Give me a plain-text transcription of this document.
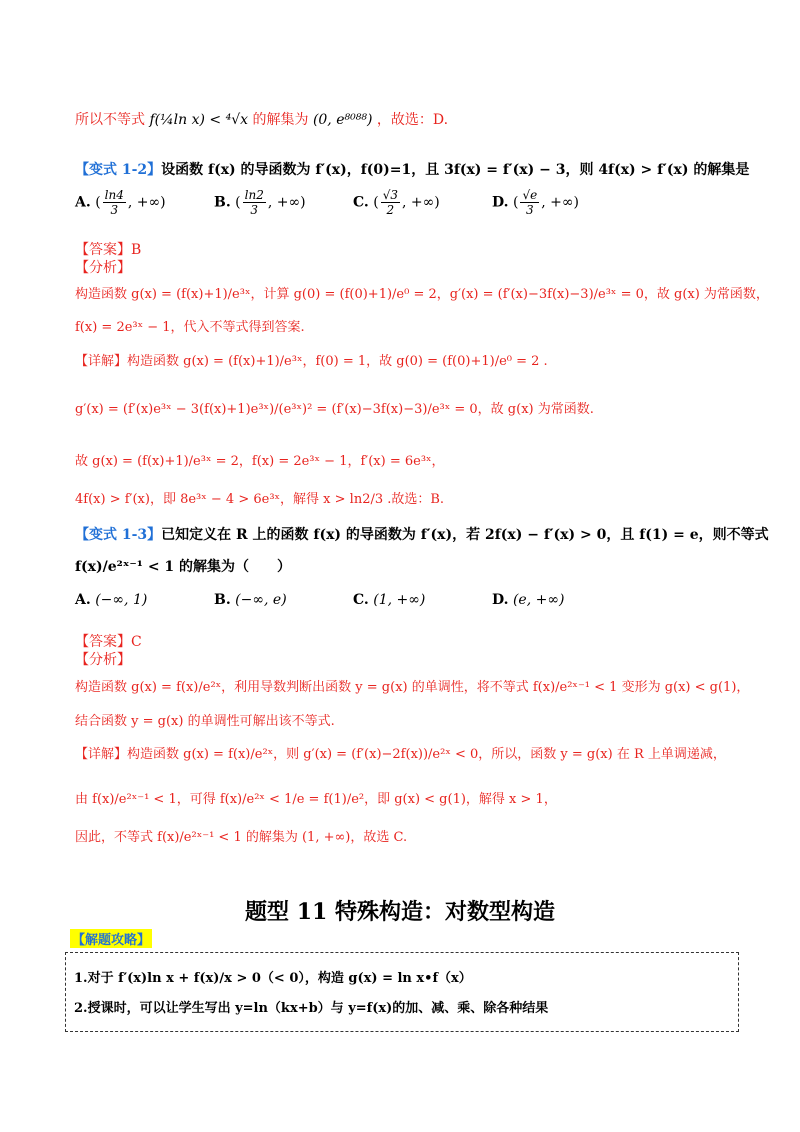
所以不等式 f(¼ln x) < ⁴√x 的解集为 (0, e⁸⁰⁸⁸) ，故选：D.
【变式 1-2】设函数 f(x) 的导函数为 f′(x)，f(0)=1，且 3f(x) = f′(x) − 3，则 4f(x) > f′(x) 的解集是
A. ( $\frac{\ln 4}{3}$ , +∞)	B. ( $\frac{\ln 2}{3}$ , +∞)	C. ( $\frac{√3}{2}$ , +∞)	D. ( $\frac{√e}{3}$ , +∞)
【答案】B
【分析】
构造函数 g(x) = (f(x)+1)/e³ˣ，计算 g(0) = (f(0)+1)/e⁰ = 2，g′(x) = (f′(x)−3f(x)−3)/e³ˣ = 0，故 g(x) 为常函数，
f(x) = 2e³ˣ − 1，代入不等式得到答案.
【详解】构造函数 g(x) = (f(x)+1)/e³ˣ，f(0) = 1，故 g(0) = (f(0)+1)/e⁰ = 2 .
g′(x) = (f′(x)e³ˣ − 3(f(x)+1)e³ˣ)/(e³ˣ)² = (f′(x)−3f(x)−3)/e³ˣ = 0，故 g(x) 为常函数.
故 g(x) = (f(x)+1)/e³ˣ = 2，f(x) = 2e³ˣ − 1，f′(x) = 6e³ˣ，
4f(x) > f′(x)，即 8e³ˣ − 4 > 6e³ˣ，解得 x > ln2/3 .故选：B.
【变式 1-3】已知定义在 R 上的函数 f(x) 的导函数为 f′(x)，若 2f(x) − f′(x) > 0，且 f(1) = e，则不等式
f(x)/e²ˣ⁻¹ < 1 的解集为（　　）
A. (−∞, 1)	B. (−∞, e)	C. (1, +∞)	D. (e, +∞)
【答案】C
【分析】
构造函数 g(x) = f(x)/e²ˣ，利用导数判断出函数 y = g(x) 的单调性，将不等式 f(x)/e²ˣ⁻¹ < 1 变形为 g(x) < g(1)，
结合函数 y = g(x) 的单调性可解出该不等式.
【详解】构造函数 g(x) = f(x)/e²ˣ，则 g′(x) = (f′(x)−2f(x))/e²ˣ < 0，所以，函数 y = g(x) 在 R 上单调递减，
由 f(x)/e²ˣ⁻¹ < 1，可得 f(x)/e²ˣ < 1/e = f(1)/e²，即 g(x) < g(1)，解得 x > 1，
因此，不等式 f(x)/e²ˣ⁻¹ < 1 的解集为 (1, +∞)，故选 C.
题型 11 特殊构造：对数型构造
【解题攻略】
1.对于 f′(x)ln x + f(x)/x > 0（< 0），构造 g(x) = ln x•f（x）
2.授课时，可以让学生写出 y=ln（kx+b）与 y=f(x)的加、减、乘、除各种结果
